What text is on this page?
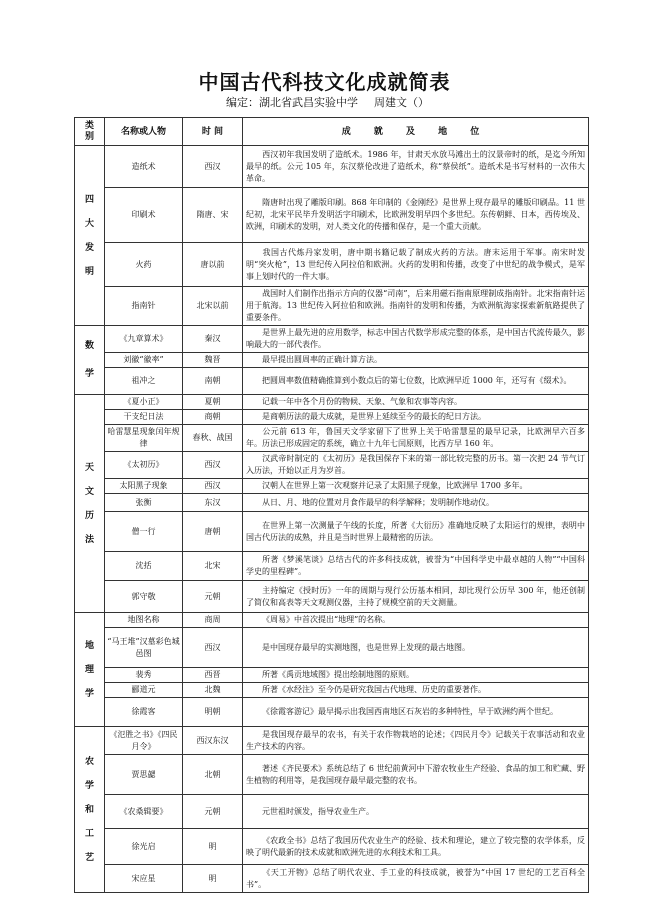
中国古代科技文化成就简表
编定：湖北省武昌实验中学 周建文（）
类
别	名称或人物	时 间	成 就 及 地 位

四
大
发
明	造纸术	西汉	西汉初年我国发明了造纸术。1986 年，甘肃天水放马滩出土的汉景帝时的纸，是迄今所知最早的纸。公元 105 年，东汉蔡伦改进了造纸术，称“蔡侯纸”。造纸术是书写材料的一次伟大革命。
	印刷术	隋唐、宋	隋唐时出现了雕版印刷。868 年印制的《金刚经》是世界上现存最早的雕版印刷品。11 世纪初，北宋平民毕升发明活字印刷术，比欧洲发明早四个多世纪。东传朝鲜、日本，西传埃及、欧洲，印刷术的发明，对人类文化的传播和保存，是一个重大贡献。
	火药	唐以前	我国古代炼丹家发明，唐中期书籍记载了制成火药的方法。唐末运用于军事。南宋时发明“突火枪”，13 世纪传入阿拉伯和欧洲。火药的发明和传播，改变了中世纪的战争模式，是军事上划时代的一件大事。
	指南针	北宋以前	战国时人们制作出指示方向的仪器“司南”，后来用磁石指南原理制成指南针。北宋指南针运用于航海。13 世纪传入阿拉伯和欧洲。指南针的发明和传播，为欧洲航海家探索新航路提供了重要条件。

数
学	《九章算术》	秦汉	是世界上最先进的应用数学，标志中国古代数学形成完整的体系，是中国古代流传最久，影响最大的一部代表作。
	刘徽“徽率”	魏晋	最早提出圆周率的正确计算方法。
	祖冲之	南朝	把圆周率数值精确推算到小数点后的第七位数，比欧洲早近 1000 年，还写有《缀术》。

天
文
历
法	《夏小正》	夏朝	记载一年中各个月份的物候、天象、气象和农事等内容。
	干支纪日法	商朝	是商朝历法的最大成就，是世界上延续至今的最长的纪日方法。
	哈雷慧星现象闰年规律	春秋、战国	公元前 613 年，鲁国天文学家留下了世界上关于哈雷慧星的最早记录，比欧洲早六百多年。历法已形成固定的系统，确立十九年七闰原则，比西方早 160 年。
	《太初历》	西汉	汉武帝时制定的《太初历》是我国保存下来的第一部比较完整的历书。第一次把 24 节气订入历法，开始以正月为岁首。
	太阳黑子现象	西汉	汉朝人在世界上第一次观察并记录了太阳黑子现象，比欧洲早 1700 多年。
	张衡	东汉	从日、月、地的位置对月食作最早的科学解释；发明制作地动仪。
	僧一行	唐朝	在世界上第一次测量子午线的长度，所著《大衍历》准确地反映了太阳运行的规律，表明中国古代历法的成熟，并且是当时世界上最精密的历法。
	沈括	北宋	所著《梦溪笔谈》总结古代的许多科技成就，被誉为“中国科学史中最卓越的人物”“中国科学史的里程碑”。
	郭守敬	元朝	主持编定《授时历》一年的周期与现行公历基本相同，却比现行公历早 300 年，他还创制了简仪和高表等天文观测仪器，主持了规模空前的天文测量。

地
理
学	地图名称	商周	《周易》中首次提出“地理”的名称。
	“马王堆”汉墓彩色城邑图	西汉	是中国现存最早的实测地图，也是世界上发现的最古地图。
	裴秀	西晋	所著《禹贡地域图》提出绘制地图的原则。
	郦道元	北魏	所著《水经注》至今仍是研究我国古代地理、历史的重要著作。
	徐霞客	明朝	《徐霞客游记》最早揭示出我国西南地区石灰岩的多种特性，早于欧洲约两个世纪。

农
学
和
工
艺	《氾胜之书》《四民月令》	西汉东汉	是我国现存最早的农书，有关于农作物栽培的论述；《四民月令》记载关于农事活动和农业生产技术的内容。
	贾思勰	北朝	著述《齐民要术》系统总结了 6 世纪前黄河中下游农牧业生产经验、食品的加工和贮藏、野生植物的利用等，是我国现存最早最完整的农书。
	《农桑辑要》	元朝	元世祖时颁发，指导农业生产。
	徐光启	明	《农政全书》总结了我国历代农业生产的经验、技术和理论，建立了较完整的农学体系，反映了明代最新的技术成就和欧洲先进的水利技术和工具。
	宋应星	明	《天工开物》总结了明代农业、手工业的科技成就，被誉为“中国 17 世纪的工艺百科全书”。
